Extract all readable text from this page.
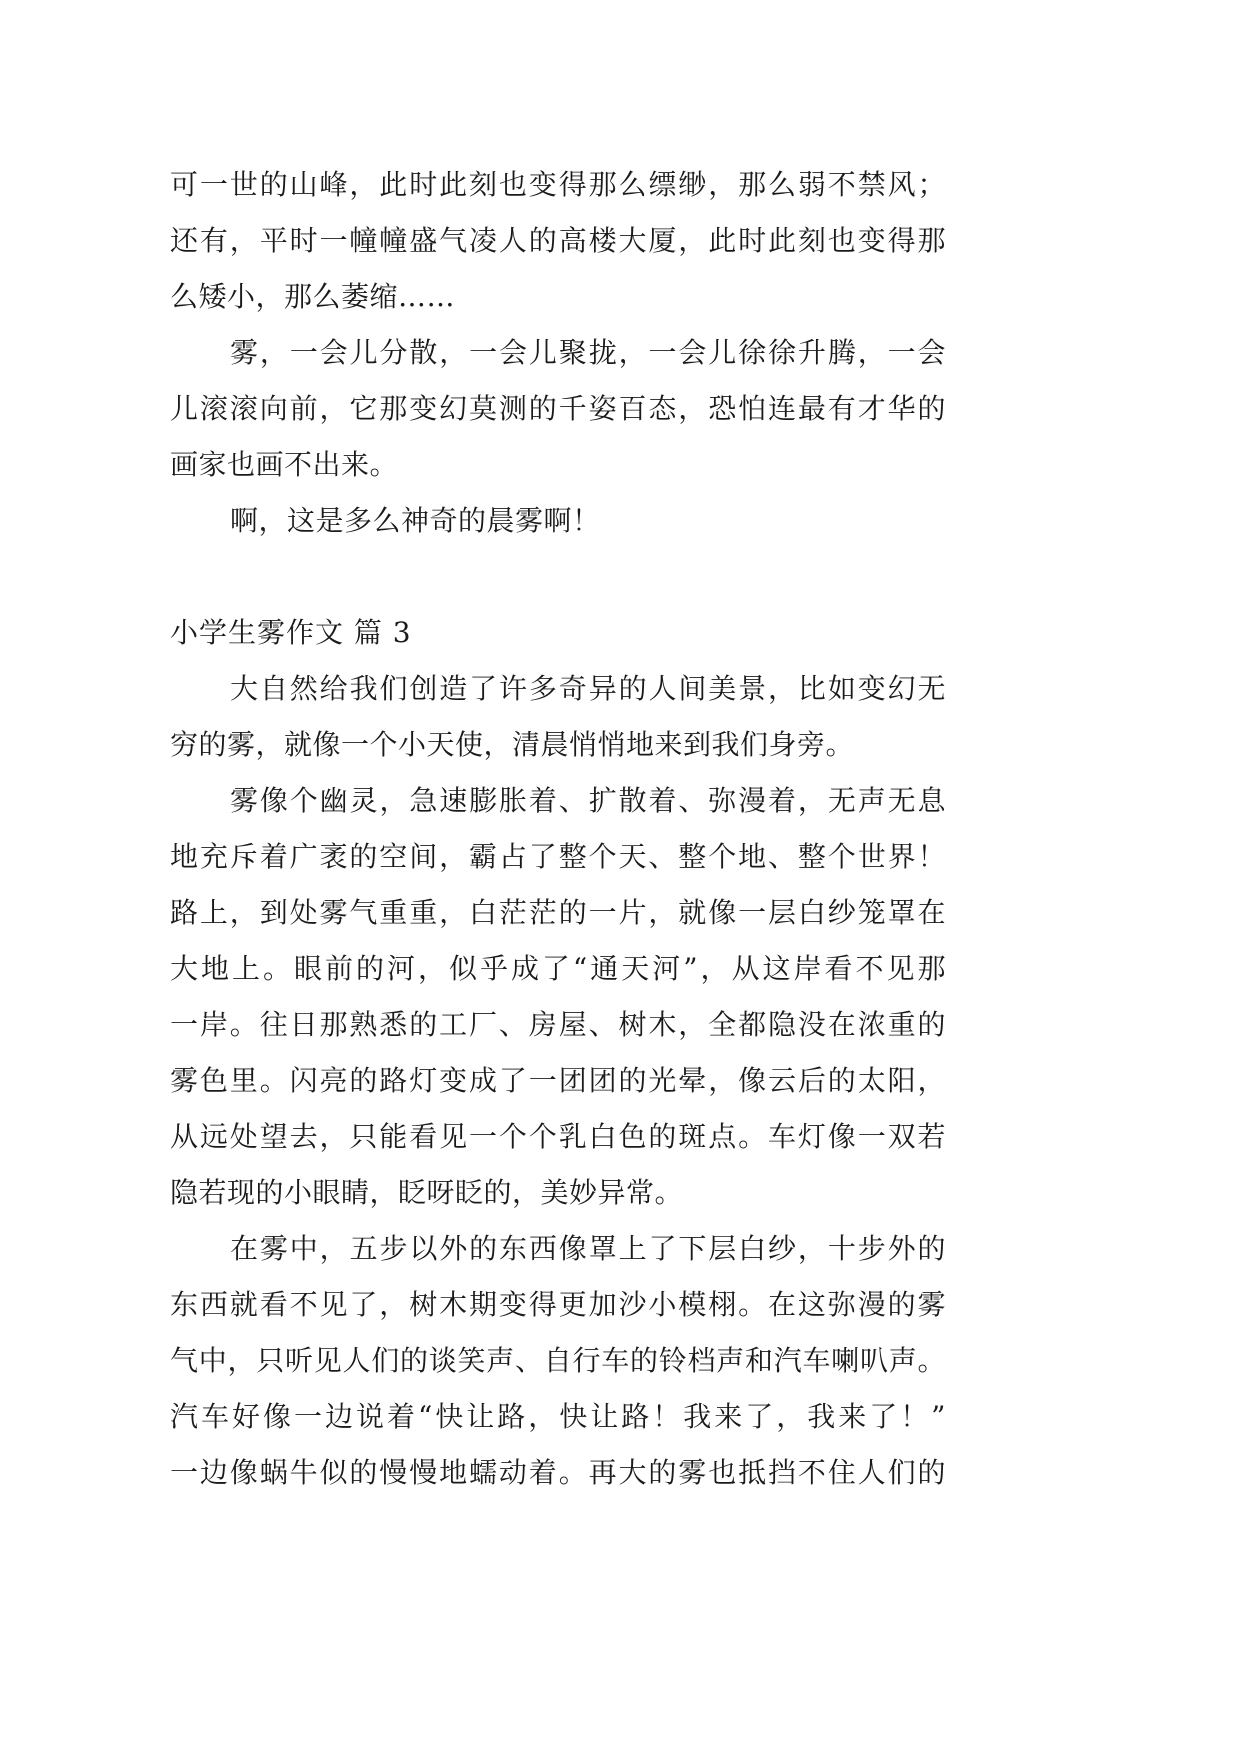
可一世的山峰，此时此刻也变得那么缥缈，那么弱不禁风；
还有，平时一幢幢盛气凌人的高楼大厦，此时此刻也变得那
么矮小，那么萎缩……
雾，一会儿分散，一会儿聚拢，一会儿徐徐升腾，一会
儿滚滚向前，它那变幻莫测的千姿百态，恐怕连最有才华的
画家也画不出来。
啊，这是多么神奇的晨雾啊！
小学生雾作文 篇 3
大自然给我们创造了许多奇异的人间美景，比如变幻无
穷的雾，就像一个小天使，清晨悄悄地来到我们身旁。
雾像个幽灵，急速膨胀着、扩散着、弥漫着，无声无息
地充斥着广袤的空间，霸占了整个天、整个地、整个世界！
路上，到处雾气重重，白茫茫的一片，就像一层白纱笼罩在
大地上。眼前的河，似乎成了“通天河”，从这岸看不见那
一岸。往日那熟悉的工厂、房屋、树木，全都隐没在浓重的
雾色里。闪亮的路灯变成了一团团的光晕，像云后的太阳，
从远处望去，只能看见一个个乳白色的斑点。车灯像一双若
隐若现的小眼睛，眨呀眨的，美妙异常。
在雾中，五步以外的东西像罩上了下层白纱，十步外的
东西就看不见了，树木期变得更加沙小模栩。在这弥漫的雾
气中，只听见人们的谈笑声、自行车的铃档声和汽车喇叭声。
汽车好像一边说着“快让路，快让路！我来了，我来了！”
一边像蜗牛似的慢慢地蠕动着。再大的雾也抵挡不住人们的
